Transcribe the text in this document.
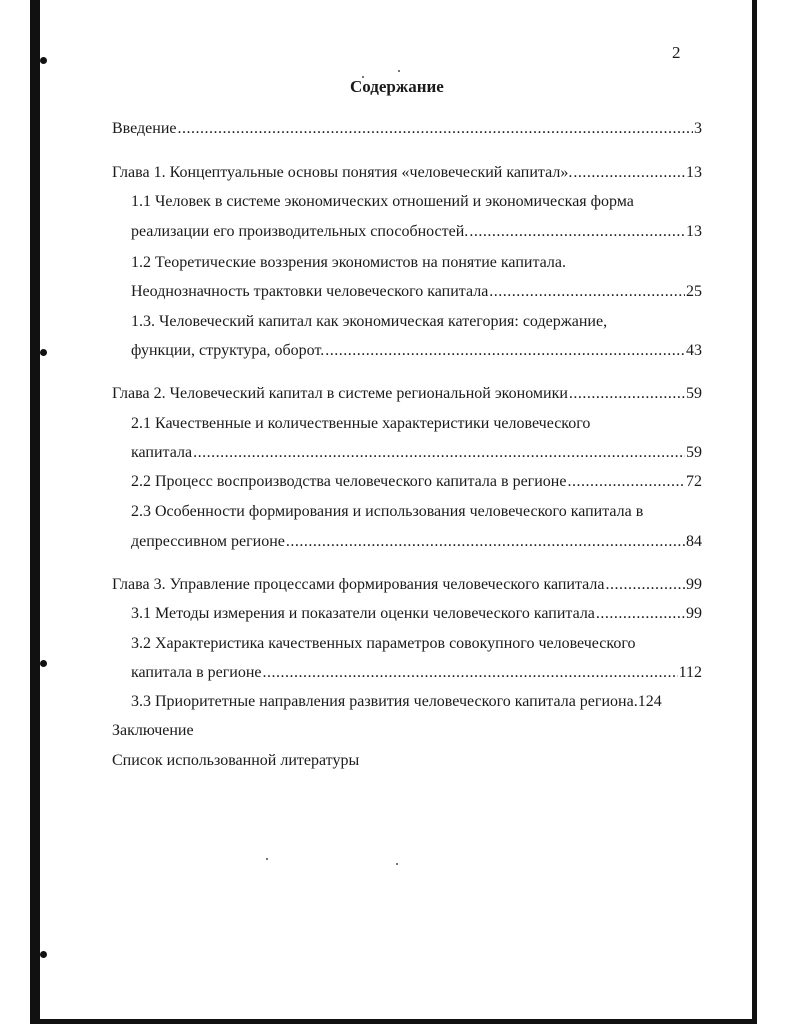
2
Содержание
Введение .....	3
Глава 1. Концептуальные основы понятия «человеческий капитал». .....	13
1.1 Человек в системе экономических отношений и экономическая форма
реализации его производительных способностей. .....	13
1.2 Теоретические воззрения экономистов на понятие капитала.
Неоднозначность трактовки человеческого капитала .....	25
1.3. Человеческий капитал как экономическая категория: содержание,
функции, структура, оборот. .....	43
Глава 2. Человеческий капитал в системе региональной экономики .....	59
2.1 Качественные и количественные характеристики человеческого
капитала .....	59
2.2 Процесс воспроизводства человеческого капитала в регионе .....	72
2.3 Особенности формирования и использования человеческого капитала в
депрессивном регионе .....	84
Глава 3. Управление процессами формирования человеческого капитала .....	99
3.1 Методы измерения и показатели оценки человеческого капитала .....	99
3.2 Характеристика качественных параметров совокупного человеческого
капитала в регионе .....	112
3.3 Приоритетные направления развития человеческого капитала региона. 124
Заключение
Список использованной литературы
